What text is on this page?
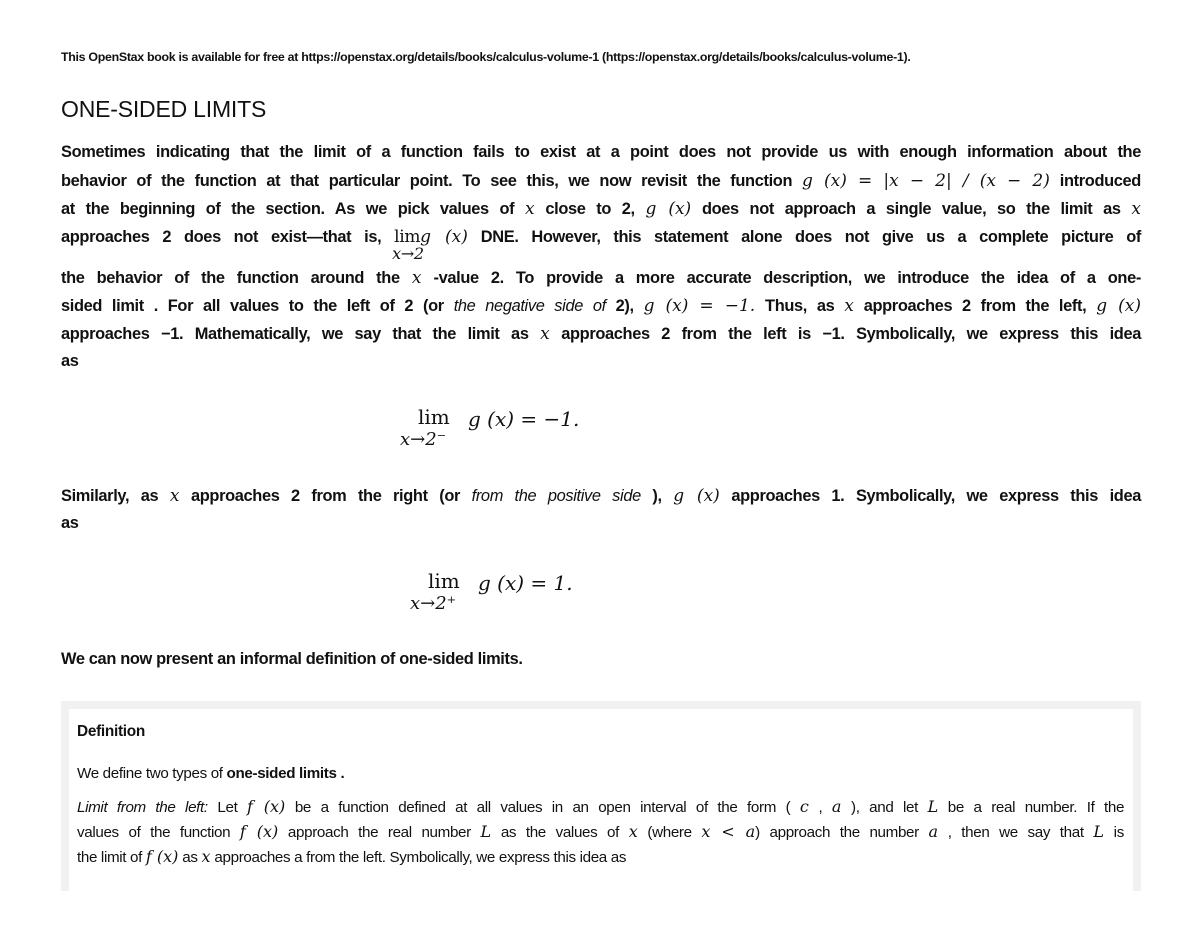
This OpenStax book is available for free at https://openstax.org/details/books/calculus-volume-1 (https://openstax.org/details/books/calculus-volume-1).
ONE-SIDED LIMITS
Sometimes indicating that the limit of a function fails to exist at a point does not provide us with enough information about the
behavior of the function at that particular point. To see this, we now revisit the function g (x) = |x − 2| / (x − 2) introduced
at the beginning of the section. As we pick values of x close to 2, g (x) does not approach a single value, so the limit as x
approaches 2 does not exist—that is, lim
x→2
g (x) DNE. However, this statement alone does not give us a complete picture of
the behavior of the function around the x -value 2. To provide a more accurate description, we introduce the idea of a one-
sided limit . For all values to the left of 2 (or the negative side of 2), g (x) = −1. Thus, as x approaches 2 from the left, g (x)
approaches −1. Mathematically, we say that the limit as x approaches 2 from the left is −1. Symbolically, we express this idea
as
lim
x→2⁻
g (x) = −1.
Similarly, as x approaches 2 from the right (or from the positive side ), g (x) approaches 1. Symbolically, we express this idea
as
lim
x→2⁺
g (x) = 1.
We can now present an informal definition of one-sided limits.
Definition
We define two types of one-sided limits .
Limit from the left: Let f (x) be a function defined at all values in an open interval of the form ( c , a ), and let L be a real number. If the
values of the function f (x) approach the real number L as the values of x (where x < a) approach the number a , then we say that L is
the limit of f (x) as x approaches a from the left. Symbolically, we express this idea as
